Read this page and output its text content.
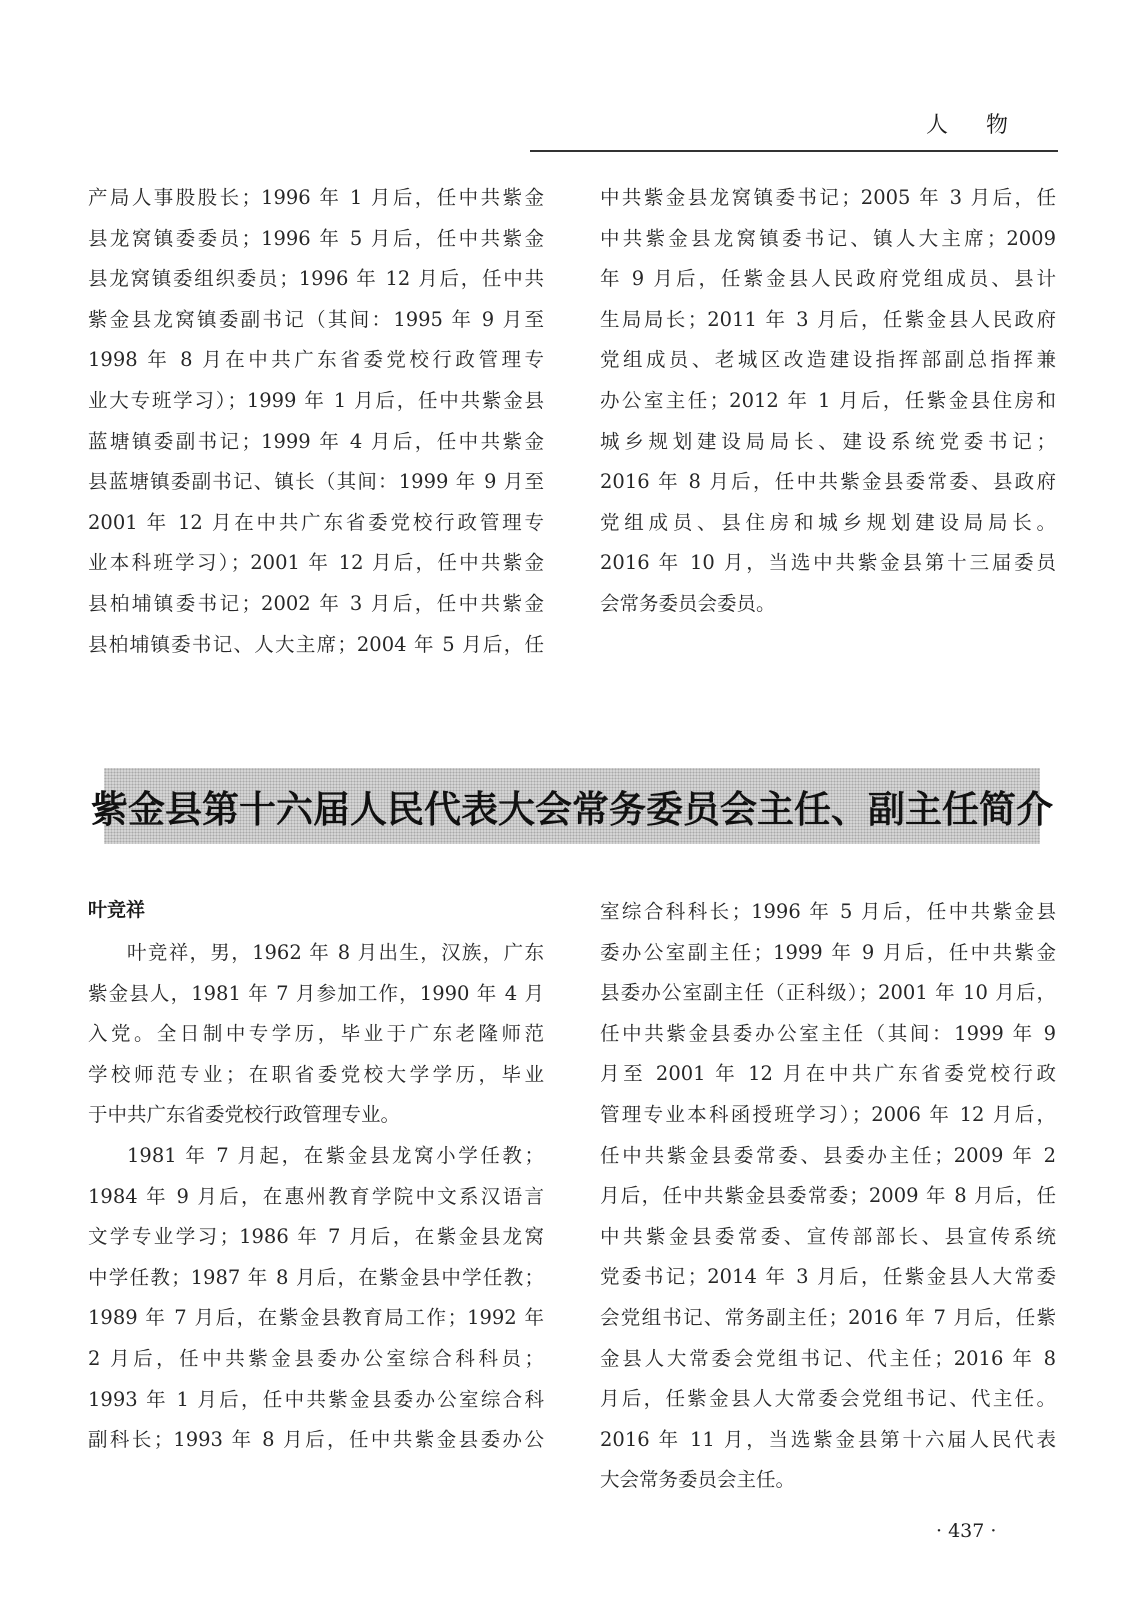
人物

产局人事股股长；1996 年 1 月后，任中共紫金

县龙窝镇委委员；1996 年 5 月后，任中共紫金

县龙窝镇委组织委员；1996 年 12 月后，任中共

紫金县龙窝镇委副书记（其间：1995 年 9 月至

1998 年 8 月在中共广东省委党校行政管理专

业大专班学习）；1999 年 1 月后，任中共紫金县

蓝塘镇委副书记；1999 年 4 月后，任中共紫金

县蓝塘镇委副书记、镇长（其间：1999 年 9 月至

2001 年 12 月在中共广东省委党校行政管理专

业本科班学习）；2001 年 12 月后，任中共紫金

县柏埔镇委书记；2002 年 3 月后，任中共紫金

县柏埔镇委书记、人大主席；2004 年 5 月后，任

中共紫金县龙窝镇委书记；2005 年 3 月后，任

中共紫金县龙窝镇委书记、镇人大主席；2009

年 9 月后，任紫金县人民政府党组成员、县计

生局局长；2011 年 3 月后，任紫金县人民政府

党组成员、老城区改造建设指挥部副总指挥兼

办公室主任；2012 年 1 月后，任紫金县住房和

城乡规划建设局局长、建设系统党委书记；

2016 年 8 月后，任中共紫金县委常委、县政府

党组成员、县住房和城乡规划建设局局长。

2016 年 10 月，当选中共紫金县第十三届委员

会常务委员会委员。

紫金县第十六届人民代表大会常务委员会主任、副主任简介
叶竞祥

叶竞祥，男，1962 年 8 月出生，汉族，广东

紫金县人，1981 年 7 月参加工作，1990 年 4 月

入党。全日制中专学历，毕业于广东老隆师范

学校师范专业；在职省委党校大学学历，毕业

于中共广东省委党校行政管理专业。

1981 年 7 月起，在紫金县龙窝小学任教；

1984 年 9 月后，在惠州教育学院中文系汉语言

文学专业学习；1986 年 7 月后，在紫金县龙窝

中学任教；1987 年 8 月后，在紫金县中学任教；

1989 年 7 月后，在紫金县教育局工作；1992 年

2 月后，任中共紫金县委办公室综合科科员；

1993 年 1 月后，任中共紫金县委办公室综合科

副科长；1993 年 8 月后，任中共紫金县委办公

室综合科科长；1996 年 5 月后，任中共紫金县

委办公室副主任；1999 年 9 月后，任中共紫金

县委办公室副主任（正科级）；2001 年 10 月后，

任中共紫金县委办公室主任（其间：1999 年 9

月至 2001 年 12 月在中共广东省委党校行政

管理专业本科函授班学习）；2006 年 12 月后，

任中共紫金县委常委、县委办主任；2009 年 2

月后，任中共紫金县委常委；2009 年 8 月后，任

中共紫金县委常委、宣传部部长、县宣传系统

党委书记；2014 年 3 月后，任紫金县人大常委

会党组书记、常务副主任；2016 年 7 月后，任紫

金县人大常委会党组书记、代主任；2016 年 8

月后，任紫金县人大常委会党组书记、代主任。

2016 年 11 月，当选紫金县第十六届人民代表

大会常务委员会主任。

· 437 ·
